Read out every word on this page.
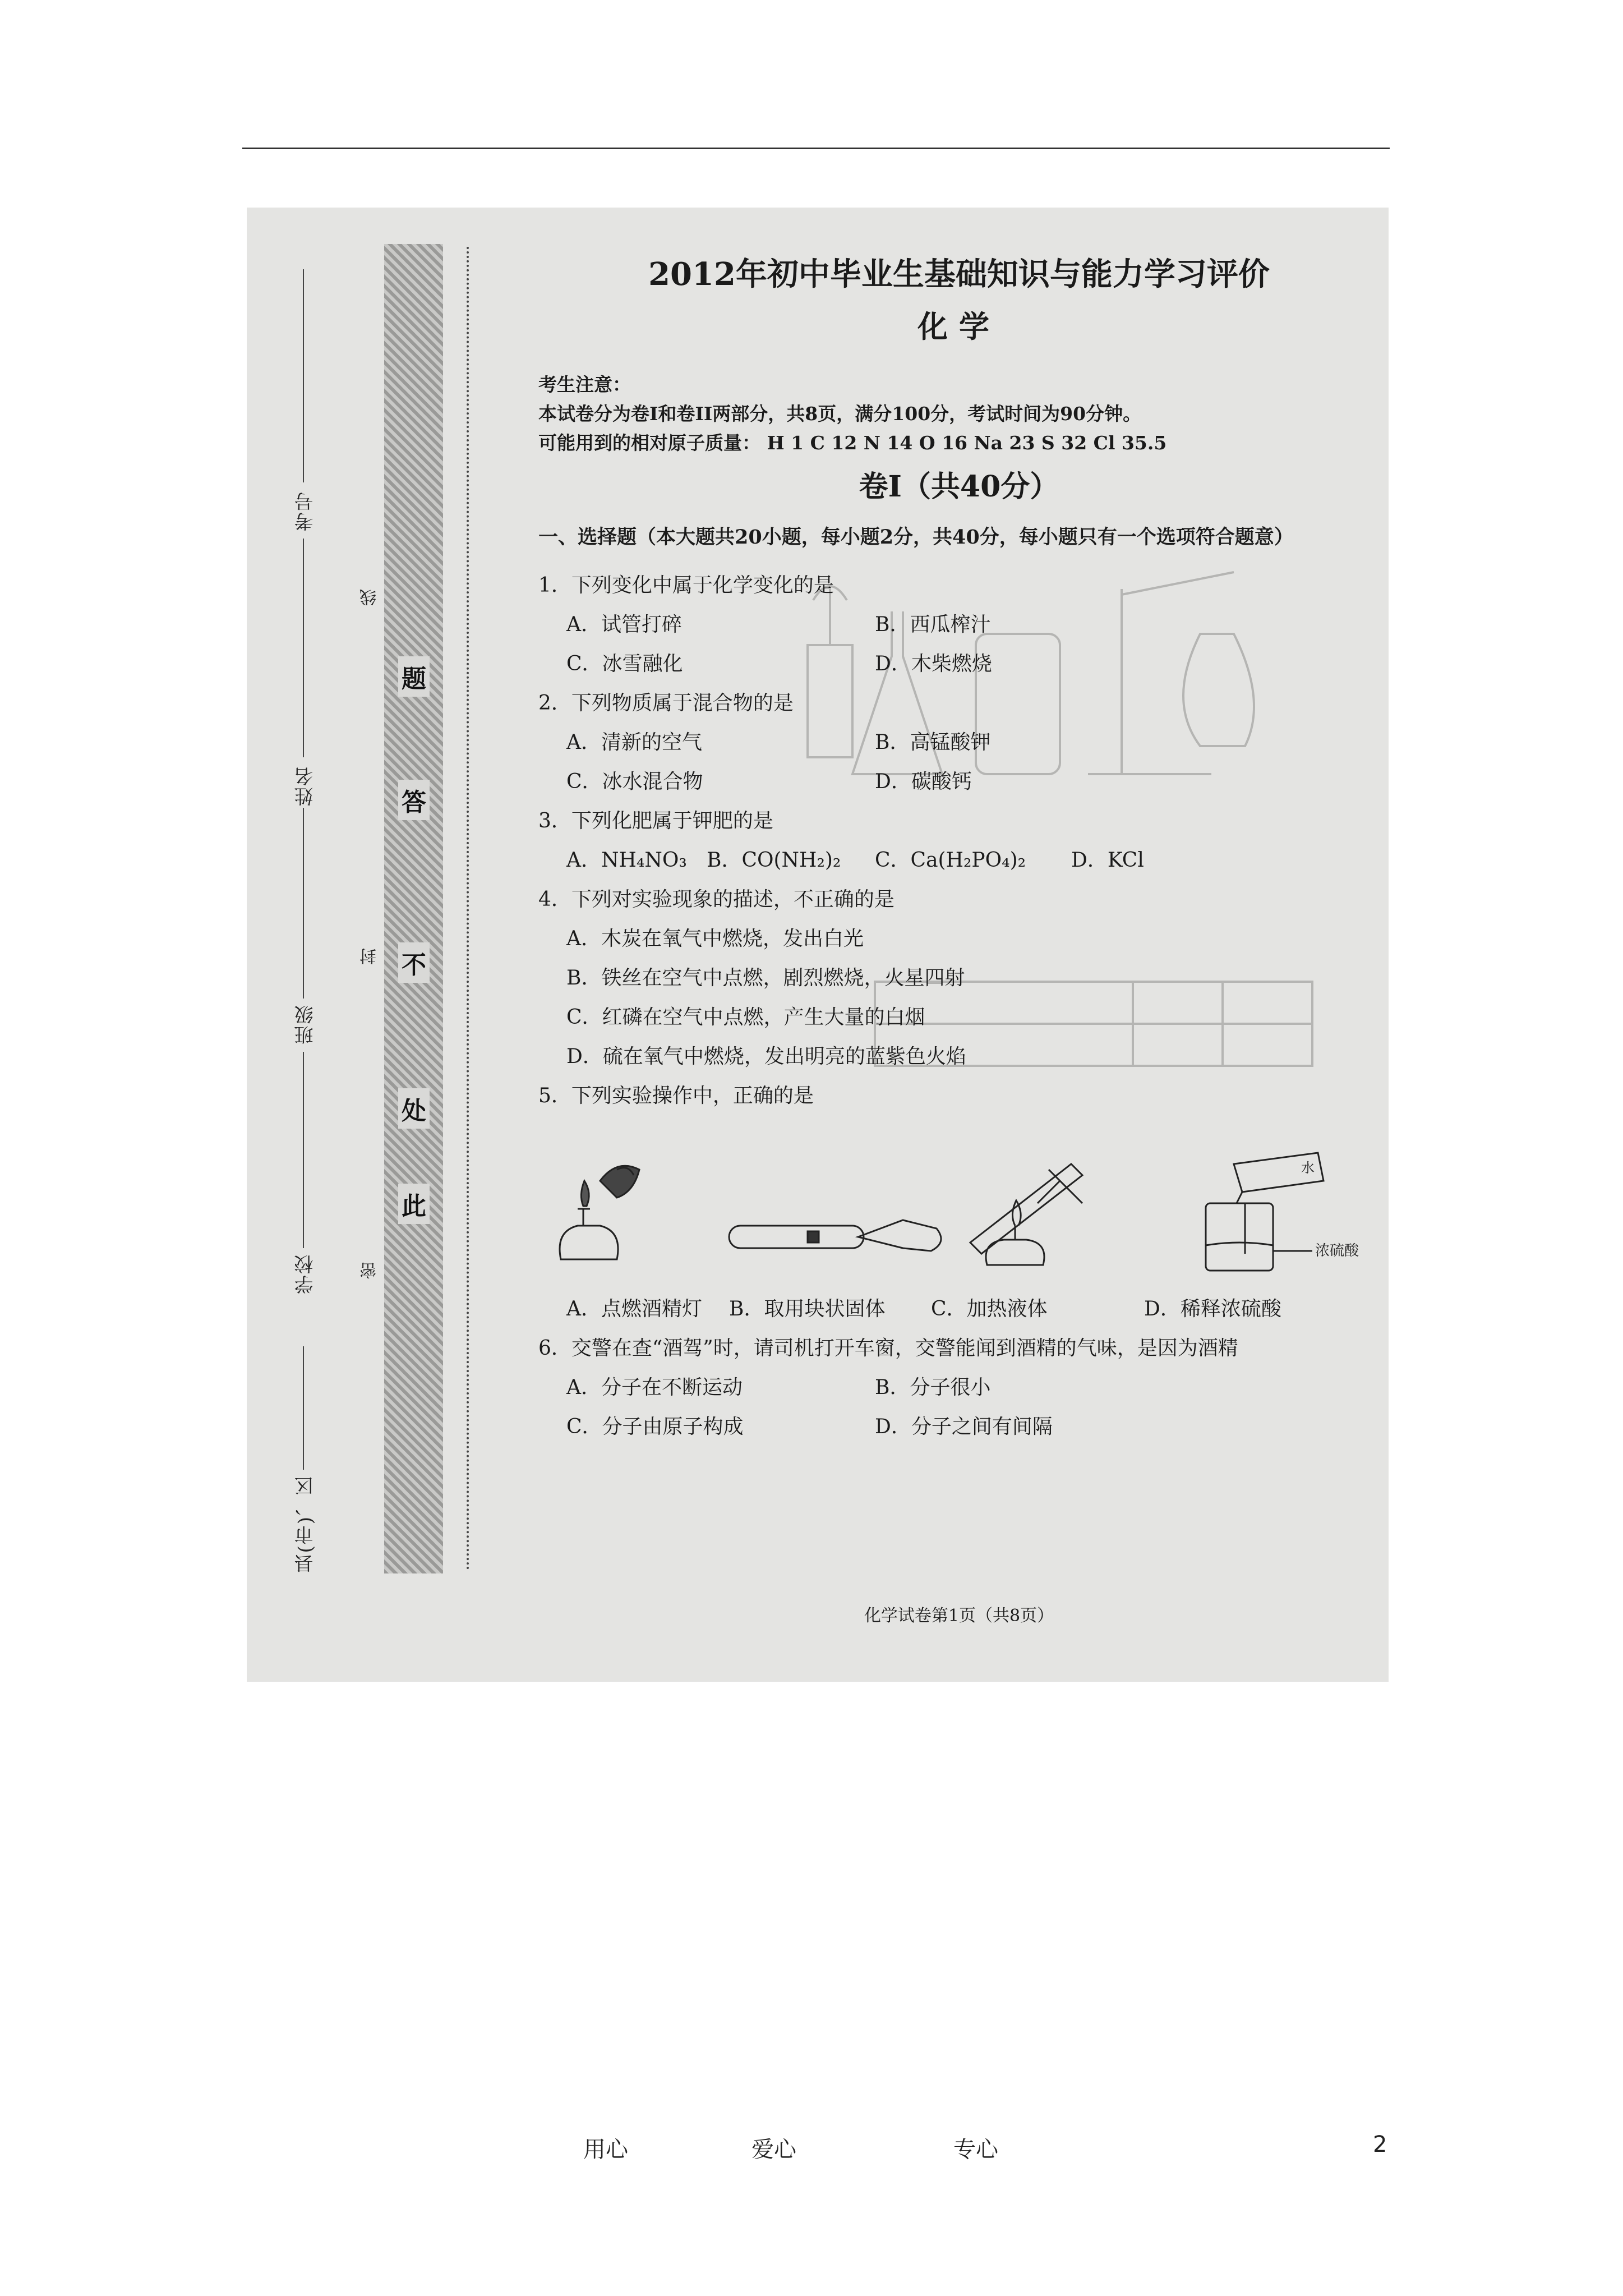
考号
姓名
班级
学校
县(市)、区
线
封
密
题
答
不
处
此
2012年初中毕业生基础知识与能力学习评价
化学
考生注意：
本试卷分为卷I和卷II两部分，共8页，满分100分，考试时间为90分钟。
可能用到的相对原子质量： H 1 C 12 N 14 O 16 Na 23 S 32 Cl 35.5
卷I（共40分）
一、选择题（本大题共20小题，每小题2分，共40分，每小题只有一个选项符合题意）
1．下列变化中属于化学变化的是
A．试管打碎	B．西瓜榨汁
C．冰雪融化	D．木柴燃烧
2．下列物质属于混合物的是
A．清新的空气	B．高锰酸钾
C．冰水混合物	D．碳酸钙
3．下列化肥属于钾肥的是
A．NH₄NO₃ B．CO(NH₂)₂ C．Ca(H₂PO₄)₂ D．KCl
4．下列对实验现象的描述，不正确的是
A．木炭在氧气中燃烧，发出白光
B．铁丝在空气中点燃，剧烈燃烧，火星四射
C．红磷在空气中点燃，产生大量的白烟
D．硫在氧气中燃烧，发出明亮的蓝紫色火焰
5．下列实验操作中，正确的是
水
浓硫酸
A．点燃酒精灯 B．取用块状固体 C．加热液体	D．稀释浓硫酸
6．交警在查“酒驾”时，请司机打开车窗，交警能闻到酒精的气味，是因为酒精
A．分子在不断运动	B．分子很小
C．分子由原子构成	D．分子之间有间隔
化学试卷第1页（共8页）
用心	爱心	专心	2
